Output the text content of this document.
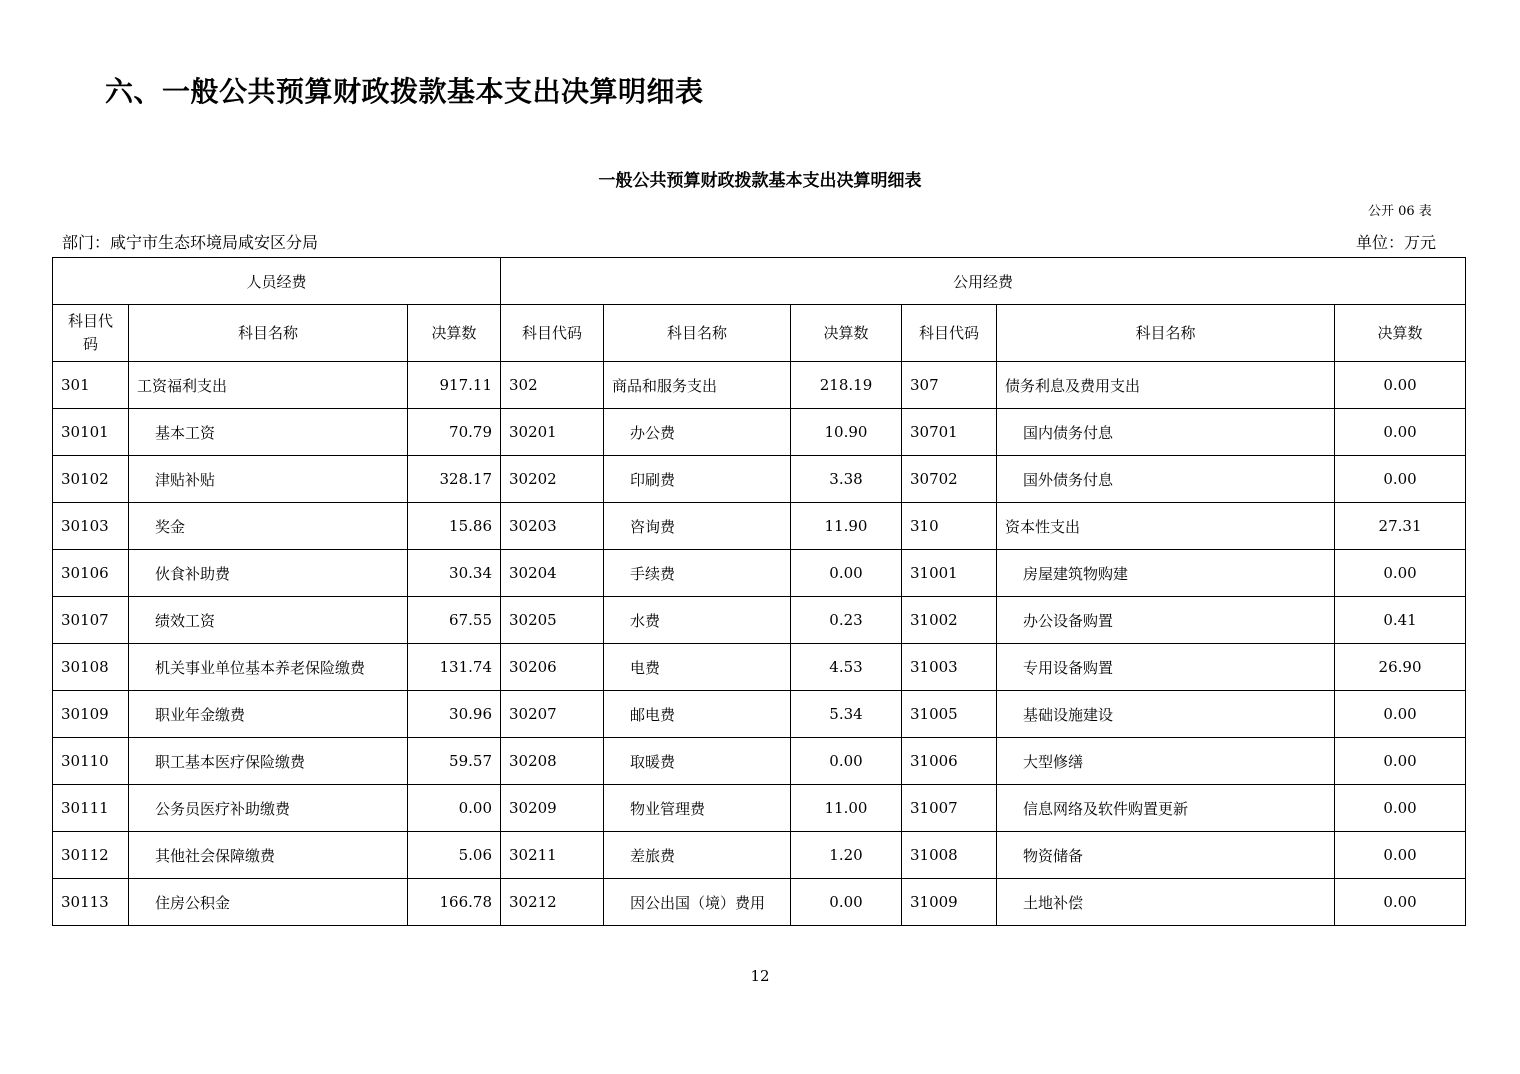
六、一般公共预算财政拨款基本支出决算明细表
一般公共预算财政拨款基本支出决算明细表
公开 06 表
部门：咸宁市生态环境局咸安区分局	单位：万元
人员经费			公用经费					
科目代码	科目名称	决算数	科目代码	科目名称	决算数	科目代码	科目名称	决算数
301	工资福利支出	917.11	302	商品和服务支出	218.19	307	债务利息及费用支出	0.00
30101	基本工资	70.79	30201	办公费	10.90	30701	国内债务付息	0.00
30102	津贴补贴	328.17	30202	印刷费	3.38	30702	国外债务付息	0.00
30103	奖金	15.86	30203	咨询费	11.90	310	资本性支出	27.31
30106	伙食补助费	30.34	30204	手续费	0.00	31001	房屋建筑物购建	0.00
30107	绩效工资	67.55	30205	水费	0.23	31002	办公设备购置	0.41
30108	机关事业单位基本养老保险缴费	131.74	30206	电费	4.53	31003	专用设备购置	26.90
30109	职业年金缴费	30.96	30207	邮电费	5.34	31005	基础设施建设	0.00
30110	职工基本医疗保险缴费	59.57	30208	取暖费	0.00	31006	大型修缮	0.00
30111	公务员医疗补助缴费	0.00	30209	物业管理费	11.00	31007	信息网络及软件购置更新	0.00
30112	其他社会保障缴费	5.06	30211	差旅费	1.20	31008	物资储备	0.00
30113	住房公积金	166.78	30212	因公出国（境）费用	0.00	31009	土地补偿	0.00
12
